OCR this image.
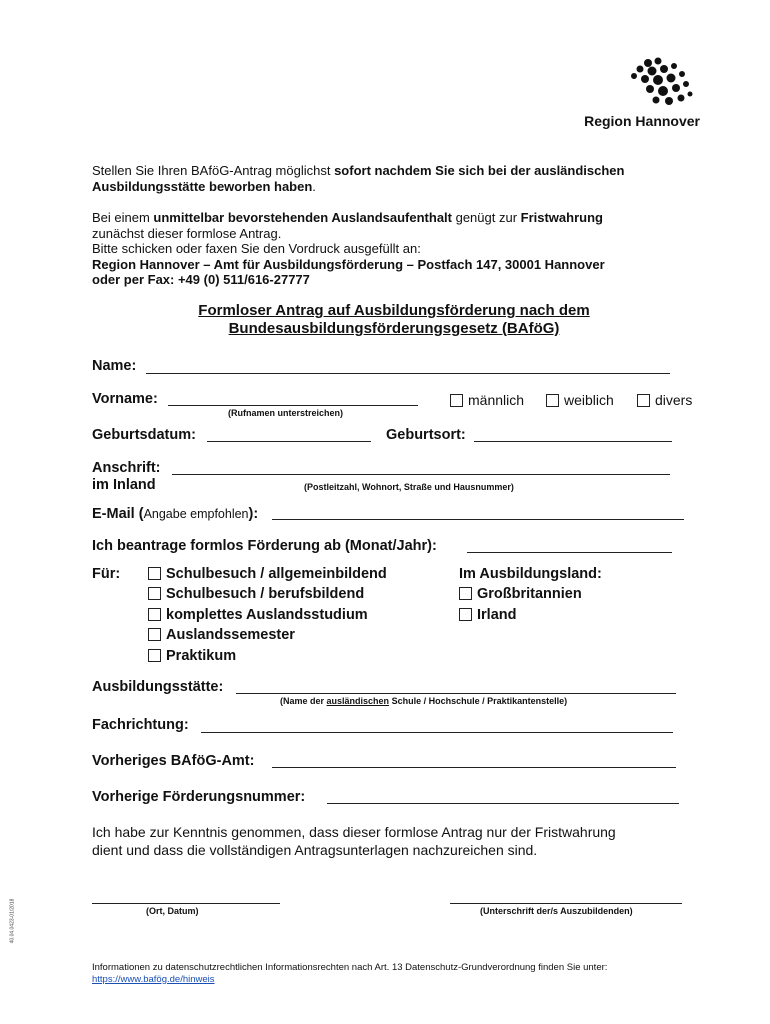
Region Hannover
Stellen Sie Ihren BAföG-Antrag möglichst sofort nachdem Sie sich bei der ausländischen Ausbildungsstätte beworben haben.
Bei einem unmittelbar bevorstehenden Auslandsaufenthalt genügt zur Fristwahrung
zunächst dieser formlose Antrag.
Bitte schicken oder faxen Sie den Vordruck ausgefüllt an:
Region Hannover – Amt für Ausbildungsförderung – Postfach 147, 30001 Hannover
oder per Fax: +49 (0) 511/616-27777
Formloser Antrag auf Ausbildungsförderung nach dem
Bundesausbildungsförderungsgesetz (BAföG)
Name:
Vorname:
(Rufnamen unterstreichen)
männlich	weiblich	divers
Geburtsdatum:	Geburtsort:
Anschrift:
im Inland	(Postleitzahl, Wohnort, Straße und Hausnummer)
E-Mail (Angabe empfohlen):
Ich beantrage formlos Förderung ab (Monat/Jahr):
Für:	Schulbesuch / allgemeinbildend
Schulbesuch / berufsbildend
komplettes Auslandsstudium
Auslandssemester
Praktikum
Im Ausbildungsland:
Großbritannien
Irland
Ausbildungsstätte:
(Name der ausländischen Schule / Hochschule / Praktikantenstelle)
Fachrichtung:
Vorheriges BAföG-Amt:
Vorherige Förderungsnummer:
Ich habe zur Kenntnis genommen, dass dieser formlose Antrag nur der Fristwahrung
dient und dass die vollständigen Antragsunterlagen nachzureichen sind.
(Ort, Datum)	(Unterschrift der/s Auszubildenden)
40.04.0423-01/2018
Informationen zu datenschutzrechtlichen Informationsrechten nach Art. 13 Datenschutz-Grundverordnung finden Sie unter:
https://www.bafög.de/hinweis
